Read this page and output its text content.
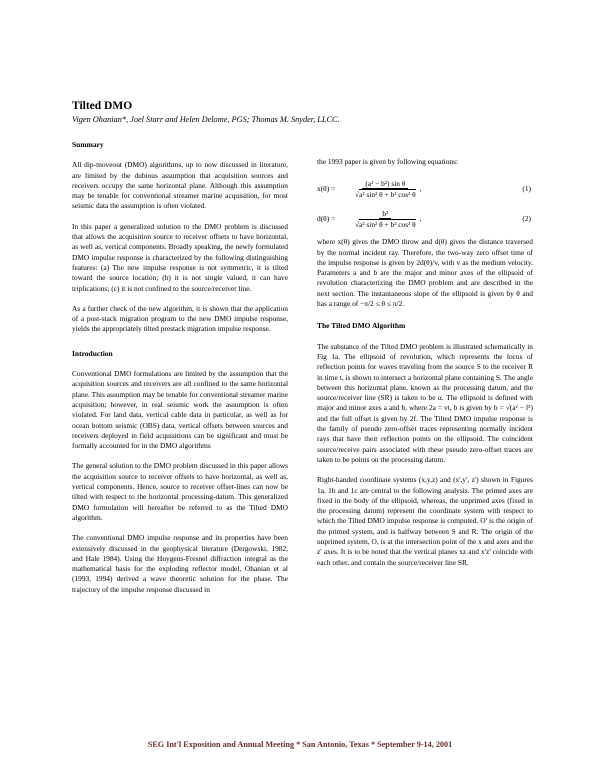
Tilted DMO
Vigen Ohanian*, Joel Starr and Helen Delome, PGS; Thomas M. Snyder, LLCC.
Summary

All dip-moveout (DMO) algorithms, up to now discussed in literature, are limited by the dubious assumption that acquisition sources and receivers occupy the same horizontal plane. Although this assumption may be tenable for conventional streamer marine acquisition, for most seismic data the assumption is often violated.

In this paper a generalized solution to the DMO problem is discussed that allows the acquisition source to receiver offsets to have horizontal, as well as, vertical components. Broadly speaking, the newly formulated DMO impulse response is characterized by the following distinguishing features: (a) The new impulse response is not symmetric, it is tilted toward the source location; (b) it is not single valued, it can have triplications; (c) it is not confined to the source/receiver line.

As a further check of the new algorithm, it is shown that the application of a post-stack migration program to the new DMO impulse response, yields the appropriately tilted prestack migration impulse response.

Introduction

Conventional DMO formulations are limited by the assumption that the acquisition sources and receivers are all confined to the same horizontal plane. This assumption may be tenable for conventional streamer marine acquisition; however, in real seismic work the assumption is often violated. For land data, vertical cable data in particular, as well as for ocean bottom seismic (OBS) data, vertical offsets between sources and receivers deployed in field acquisitions can be significant and must be formally accounted for in the DMO algorithms

The general solution to the DMO problem discussed in this paper allows the acquisition source to receiver offsets to have horizontal, as well as, vertical components. Hence, source to receiver offset-lines can now be tilted with respect to the horizontal processing-datum. This generalized DMO formulation will hereafter be referred to as the Tilted DMO algorithm.

The conventional DMO impulse response and its properties have been extensively discussed in the geophysical literature (Dergowski, 1982, and Hale 1984). Using the Huygens-Fresnel diffraction integral as the mathematical basis for the exploding reflector model, Ohanian et al (1993, 1994) derived a wave theoretic solution for the phase. The trajectory of the impulse response discussed in

the 1993 paper is given by following equations:

x(θ) =	$\frac{\text{(a² − b²) sin θ}}{\text{√a² sin² θ + b² cos² θ}}$ ,	(1)
d(θ) =	$\frac{\text{b²}}{\text{√a² sin² θ + b² cos² θ}}$ ,	(2)

where x(θ) gives the DMO throw and d(θ) gives the distance traversed by the normal incident ray. Therefore, the two-way zero offset time of the impulse response is given by 2d(θ)/v, with v as the medium velocity. Parameters a and b are the major and minor axes of the ellipsoid of revolution characterizing the DMO problem and are described in the next section. The instantaneous slope of the ellipsoid is given by θ and has a range of −π/2 ≤ θ ≤ π/2.

The Tilted DMO Algorithm

The substance of the Tilted DMO problem is illustrated schematically in Fig 1a. The ellipsoid of revolution, which represents the locus of reflection points for waves traveling from the source S to the receiver R in time t, is shown to intersect a horizontal plane containing S. The angle between this horizontal plane, known as the processing datum, and the source/receiver line (SR) is taken to be α. The ellipsoid is defined with major and minor axes a and b, where 2a = vt, b is given by b = √(a² − f²) and the full offset is given by 2f. The Tilted DMO impulse response is the family of pseudo zero-offset traces representing normally incident rays that have their reflection points on the ellipsoid. The coincident source/receive pairs associated with these pseudo zero-offset traces are taken to be points on the processing datum.

Right-handed coordinate systems (x,y,z) and (x',y', z') shown in Figures 1a, 1b and 1c are central to the following analysis. The primed axes are fixed in the body of the ellipsoid, whereas, the unprimed axes (fixed in the processing datum) represent the coordinate system with respect to which the Tilted DMO impulse response is computed. O' is the origin of the primed system, and is halfway between S and R. The origin of the unprimed system, O, is at the intersection point of the x and axes and the z' axes. It is to be noted that the vertical planes xz and x'z' coincide with each other, and contain the source/receiver line SR.

SEG Int'l Exposition and Annual Meeting * San Antonio, Texas * September 9-14, 2001
